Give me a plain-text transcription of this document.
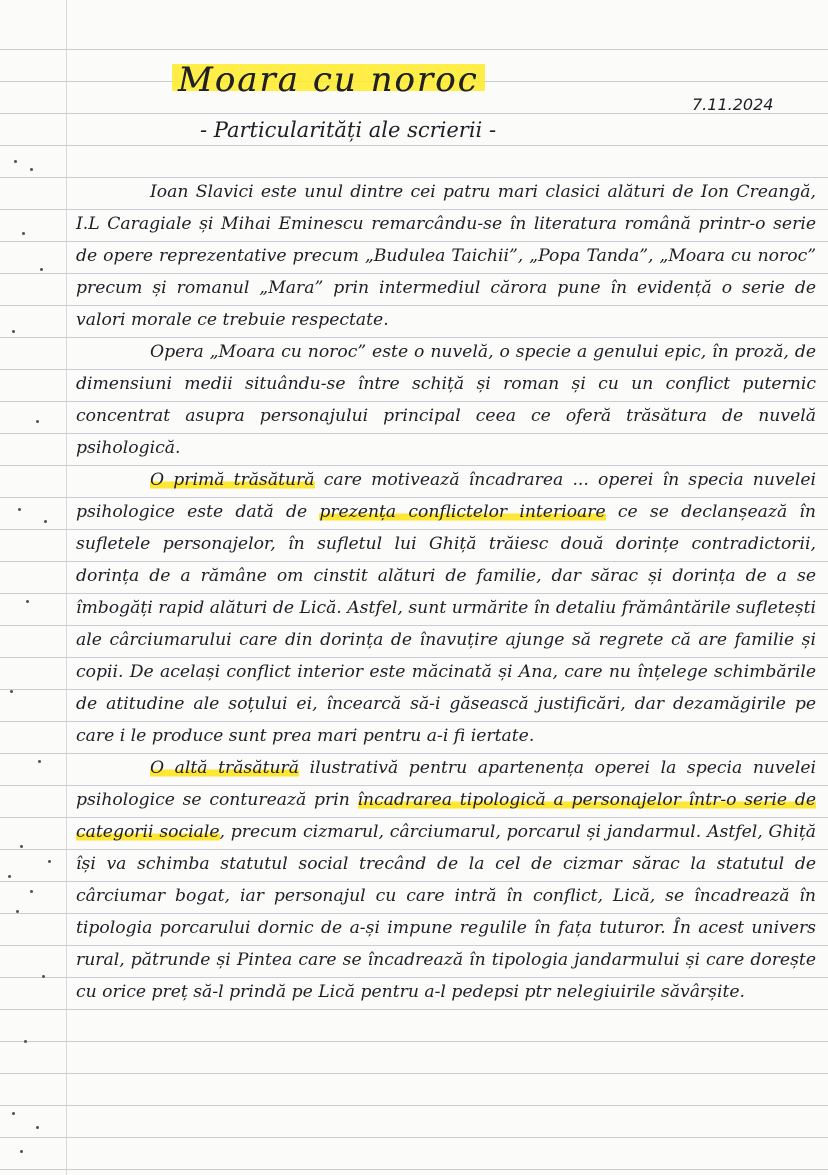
Moara cu noroc
7.11.2024
- Particularități ale scrierii -

Ioan Slavici este unul dintre cei patru mari clasici alături de Ion Creangă, I.L Caragiale și Mihai Eminescu remarcându-se în literatura română printr-o serie de opere reprezentative precum „Budulea Taichii”, „Popa Tanda”, „Moara cu noroc” precum și romanul „Mara” prin intermediul cărora pune în evidență o serie de valori morale ce trebuie respectate.

Opera „Moara cu noroc” este o nuvelă, o specie a genului epic, în proză, de dimensiuni medii situându-se între schiță și roman și cu un conflict puternic concentrat asupra personajului principal ceea ce oferă trăsătura de nuvelă psihologică.

O primă trăsătură care motivează încadrarea ... operei în specia nuvelei psihologice este dată de prezența conflictelor interioare ce se declanșează în sufletele personajelor, în sufletul lui Ghiță trăiesc două dorințe contradictorii, dorința de a rămâne om cinstit alături de familie, dar sărac și dorința de a se îmbogăți rapid alături de Lică. Astfel, sunt urmărite în detaliu frământările sufletești ale cârciumarului care din dorința de înavuțire ajunge să regrete că are familie și copii. De același conflict interior este măcinată și Ana, care nu înțelege schimbările de atitudine ale soțului ei, încearcă să-i găsească justificări, dar dezamăgirile pe care i le produce sunt prea mari pentru a-i fi iertate.

O altă trăsătură ilustrativă pentru apartenența operei la specia nuvelei psihologice se conturează prin încadrarea tipologică a personajelor într-o serie de categorii sociale, precum cizmarul, cârciumarul, porcarul și jandarmul. Astfel, Ghiță își va schimba statutul social trecând de la cel de cizmar sărac la statutul de cârciumar bogat, iar personajul cu care intră în conflict, Lică, se încadrează în tipologia porcarului dornic de a-și impune regulile în fața tuturor. În acest univers rural, pătrunde și Pintea care se încadrează în tipologia jandarmului și care dorește cu orice preț să-l prindă pe Lică pentru a-l pedepsi ptr nelegiuirile săvârșite.
